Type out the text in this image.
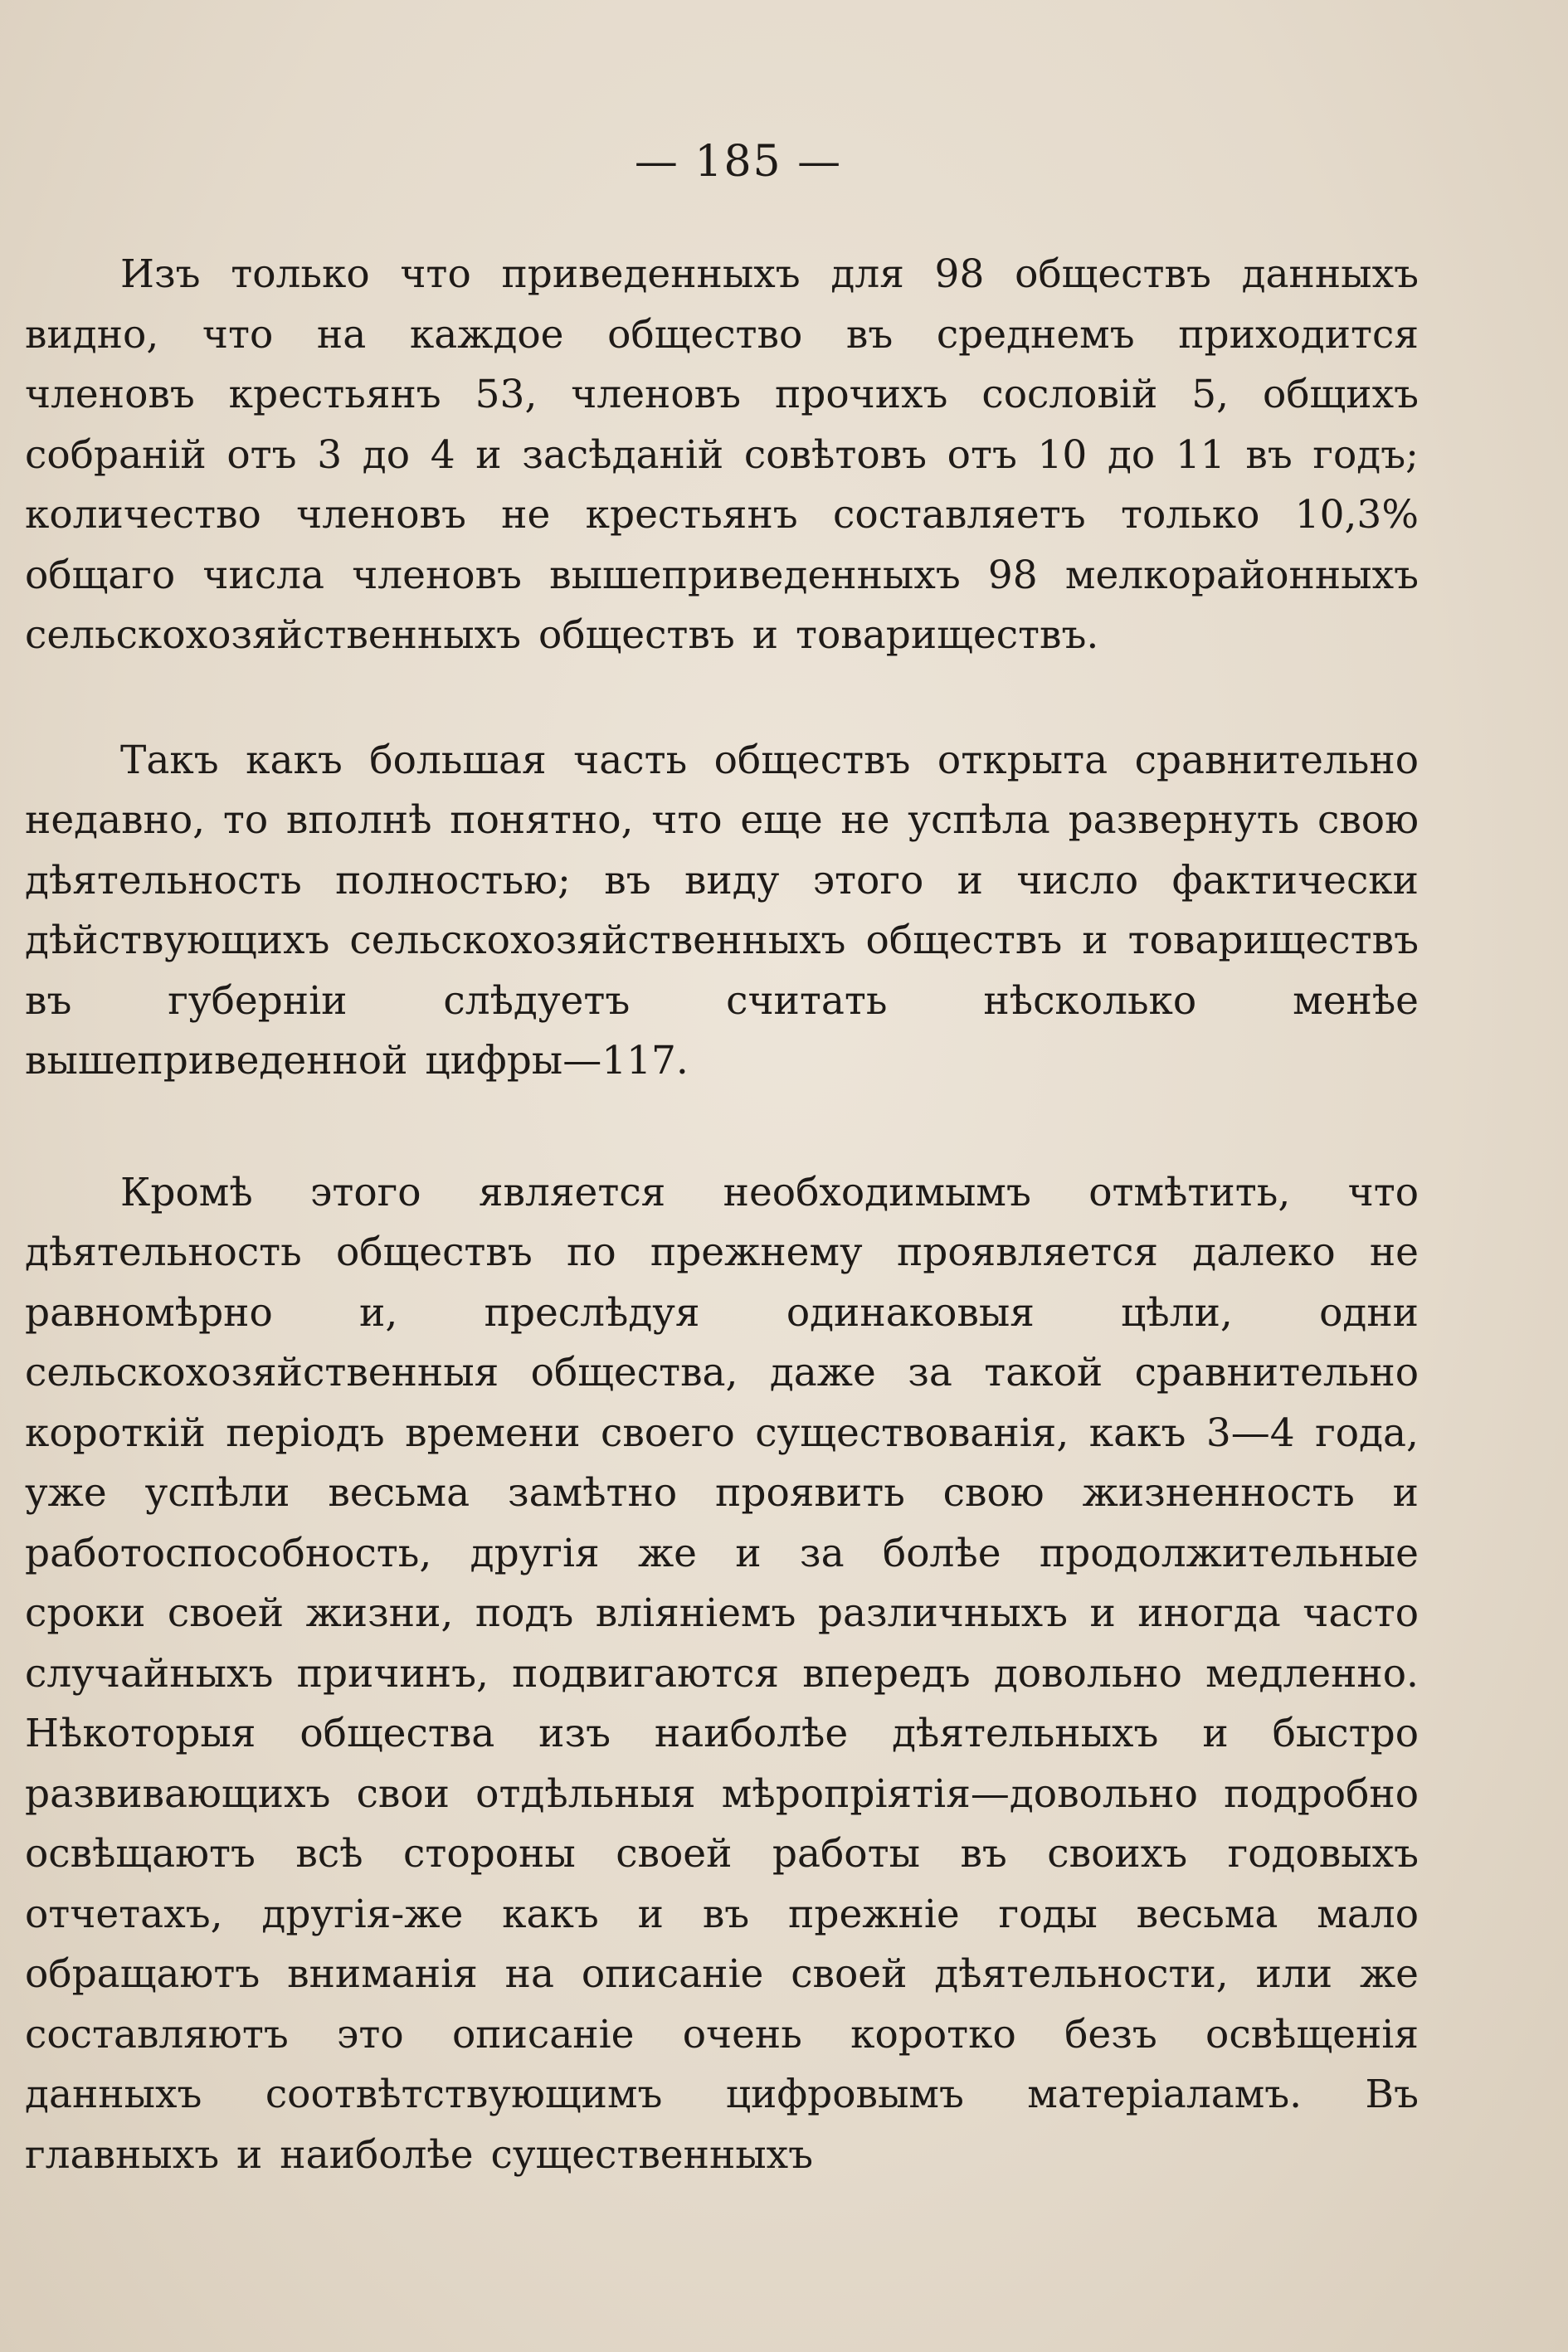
— 185 —

Изъ только что приведенныхъ для 98 обществъ данныхъ видно, что на каждое общество въ среднемъ приходится членовъ крестьянъ 53, членовъ прочихъ сословій 5, общихъ собраній отъ 3 до 4 и засѣданій совѣтовъ отъ 10 до 11 въ годъ; количество членовъ не крестьянъ составляетъ только 10,3% общаго числа членовъ вышеприведенныхъ 98 мелкорайонныхъ сельскохозяйственныхъ обществъ и товариществъ.

Такъ какъ большая часть обществъ открыта сравнительно недавно, то вполнѣ понятно, что еще не успѣла развернуть свою дѣятельность полностью; въ виду этого и число фактически дѣйствующихъ сельскохозяйственныхъ обществъ и товариществъ въ губерніи слѣдуетъ считать нѣсколько менѣе вышеприведенной цифры—117.

Кромѣ этого является необходимымъ отмѣтить, что дѣятельность обществъ по прежнему проявляется далеко не равномѣрно и, преслѣдуя одинаковыя цѣли, одни сельскохозяйственныя общества, даже за такой сравнительно короткій періодъ времени своего существованія, какъ 3—4 года, уже успѣли весьма замѣтно проявить свою жизненность и работоспособность, другія же и за болѣе продолжительные сроки своей жизни, подъ вліяніемъ различныхъ и иногда часто случайныхъ причинъ, подвигаются впередъ довольно медленно. Нѣкоторыя общества изъ наиболѣе дѣятельныхъ и быстро развивающихъ свои отдѣльныя мѣропріятія—довольно подробно освѣщаютъ всѣ стороны своей работы въ своихъ годовыхъ отчетахъ, другія-же какъ и въ прежніе годы весьма мало обращаютъ вниманія на описаніе своей дѣятельности, или же составляютъ это описаніе очень коротко безъ освѣщенія данныхъ соотвѣтствующимъ цифровымъ матеріаламъ. Въ главныхъ и наиболѣе существенныхъ
